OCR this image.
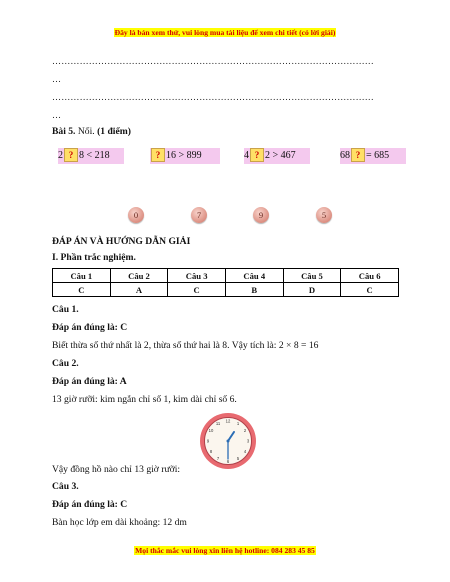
Đây là bản xem thử, vui lòng mua tài liệu để xem chi tiết (có lời giải)
……………………………………………………………………………………………
…
……………………………………………………………………………………………
…
Bài 5. Nối. (1 điểm)
2 ? 8 < 218	? 16 > 899	4 ? 2 > 467	68 ? = 685
0	7	9	5
ĐÁP ÁN VÀ HƯỚNG DẪN GIẢI
I. Phần trắc nghiệm.
Câu 1	Câu 2	Câu 3	Câu 4	Câu 5	Câu 6
C	A	C	B	D	C
Câu 1.
Đáp án đúng là: C
Biết thừa số thứ nhất là 2, thừa số thứ hai là 8. Vậy tích là: 2 × 8 = 16
Câu 2.
Đáp án đúng là: A
13 giờ rưỡi: kim ngắn chỉ số 1, kim dài chỉ số 6.
12 1
2
3
4
5
6
7
8
9
10
11
Vậy đồng hồ nào chỉ 13 giờ rưỡi:
Câu 3.
Đáp án đúng là: C
Bàn học lớp em dài khoảng: 12 dm
Mọi thắc mắc vui lòng xin liên hệ hotline: 084 283 45 85
